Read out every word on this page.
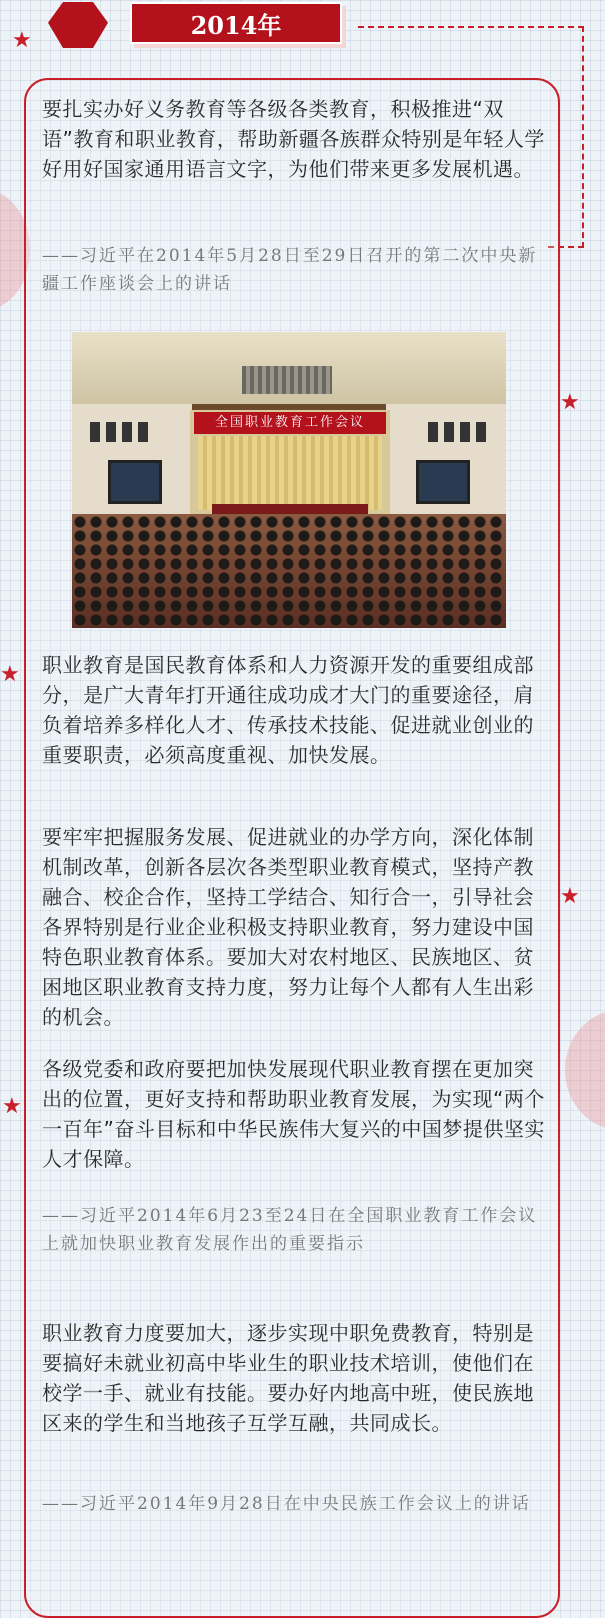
★
★
★
★
★
2014年

要扎实办好义务教育等各级各类教育，积极推进“双语”教育和职业教育，帮助新疆各族群众特别是年轻人学好用好国家通用语言文字，为他们带来更多发展机遇。

——习近平在2014年5月28日至29日召开的第二次中央新疆工作座谈会上的讲话

全国职业教育工作会议

职业教育是国民教育体系和人力资源开发的重要组成部分，是广大青年打开通往成功成才大门的重要途径，肩负着培养多样化人才、传承技术技能、促进就业创业的重要职责，必须高度重视、加快发展。

要牢牢把握服务发展、促进就业的办学方向，深化体制机制改革，创新各层次各类型职业教育模式，坚持产教融合、校企合作，坚持工学结合、知行合一，引导社会各界特别是行业企业积极支持职业教育，努力建设中国特色职业教育体系。要加大对农村地区、民族地区、贫困地区职业教育支持力度，努力让每个人都有人生出彩的机会。

各级党委和政府要把加快发展现代职业教育摆在更加突出的位置，更好支持和帮助职业教育发展，为实现“两个一百年”奋斗目标和中华民族伟大复兴的中国梦提供坚实人才保障。

——习近平2014年6月23至24日在全国职业教育工作会议上就加快职业教育发展作出的重要指示

职业教育力度要加大，逐步实现中职免费教育，特别是要搞好未就业初高中毕业生的职业技术培训，使他们在校学一手、就业有技能。要办好内地高中班，使民族地区来的学生和当地孩子互学互融，共同成长。

——习近平2014年9月28日在中央民族工作会议上的讲话
